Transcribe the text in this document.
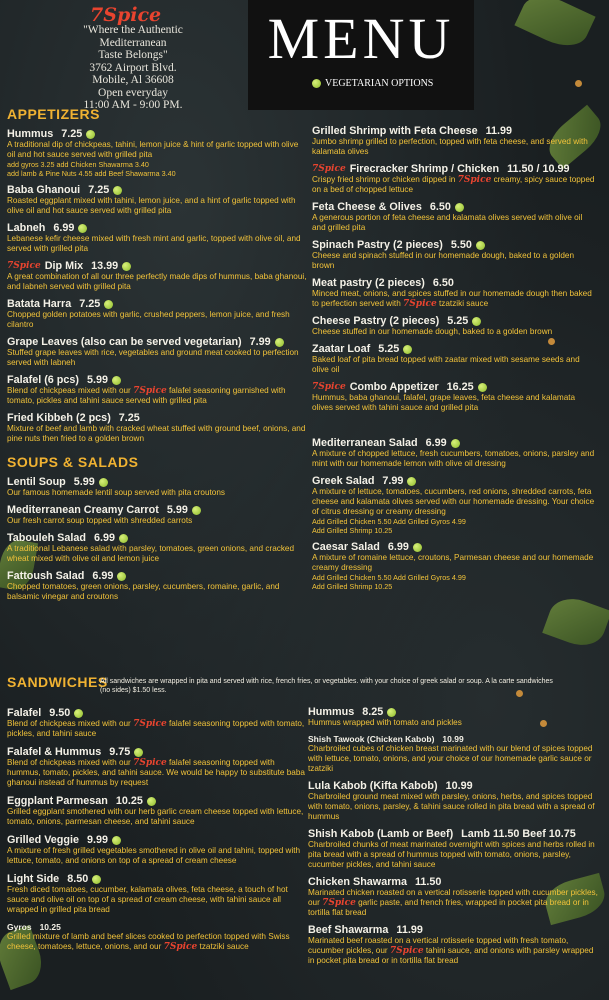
7Spice
"Where the Authentic
Mediterranean
Taste Belongs"
3762 Airport Blvd.
Mobile, Al 36608
Open everyday
11:00 AM - 9:00 PM.
MENU
VEGETARIAN OPTIONS
APPETIZERS
Hummus 7.25
A traditional dip of chickpeas, tahini, lemon juice & hint of garlic topped with olive oil and hot sauce served with grilled pita
add gyros 3.25 add Chicken Shawarma 3.40
add lamb & Pine Nuts 4.55 add Beef Shawarma 3.40
Baba Ghanoui 7.25
Roasted eggplant mixed with tahini, lemon juice, and a hint of garlic topped with olive oil and hot sauce served with grilled pita
Labneh 6.99
Lebanese kefir cheese mixed with fresh mint and garlic, topped with olive oil, and served with grilled pita
7Spice Dip Mix 13.99
A great combination of all our three perfectly made dips of hummus, baba ghanoui, and labneh served with grilled pita
Batata Harra 7.25
Chopped golden potatoes with garlic, crushed peppers, lemon juice, and fresh cilantro
Grape Leaves (also can be served vegetarian) 7.99
Stuffed grape leaves with rice, vegetables and ground meat cooked to perfection served with labneh
Falafel (6 pcs) 5.99
Blend of chickpeas mixed with our 7Spice falafel seasoning garnished with tomato, pickles and tahini sauce served with grilled pita
Fried Kibbeh (2 pcs) 7.25
Mixture of beef and lamb with cracked wheat stuffed with ground beef, onions, and pine nuts then fried to a golden brown
SOUPS & SALADS
Lentil Soup 5.99
Our famous homemade lentil soup served with pita croutons
Mediterranean Creamy Carrot 5.99
Our fresh carrot soup topped with shredded carrots
Tabouleh Salad 6.99
A traditional Lebanese salad with parsley, tomatoes, green onions, and cracked wheat mixed with olive oil and lemon juice
Fattoush Salad 6.99
Chopped tomatoes, green onions, parsley, cucumbers, romaine, garlic, and balsamic vinegar and croutons
SANDWICHES
All sandwiches are wrapped in pita and served with rice, french fries, or vegetables. with your choice of greek salad or soup. A la carte sandwiches (no sides) $1.50 less.
Falafel 9.50
Blend of chickpeas mixed with our 7Spice falafel seasoning topped with tomato, pickles, and tahini sauce
Falafel & Hummus 9.75
Blend of chickpeas mixed with our 7Spice falafel seasoning topped with hummus, tomato, pickles, and tahini sauce. We would be happy to substitute baba ghanoui instead of hummus by request
Eggplant Parmesan 10.25
Grilled eggplant smothered with our herb garlic cream cheese topped with lettuce, tomato, onions, parmesan cheese, and tahini sauce
Grilled Veggie 9.99
A mixture of fresh grilled vegetables smothered in olive oil and tahini, topped with lettuce, tomato, and onions on top of a spread of cream cheese
Light Side 8.50
Fresh diced tomatoes, cucumber, kalamata olives, feta cheese, a touch of hot sauce and olive oil on top of a spread of cream cheese, with tahini sauce all wrapped in grilled pita bread
Gyros 10.25
Grilled mixture of lamb and beef slices cooked to perfection topped with Swiss cheese, tomatoes, lettuce, onions, and our 7Spice tzatziki sauce
Grilled Shrimp with Feta Cheese 11.99
Jumbo shrimp grilled to perfection, topped with feta cheese, and served with kalamata olives
7Spice Firecracker Shrimp / Chicken 11.50 / 10.99
Crispy fried shrimp or chicken dipped in 7Spice creamy, spicy sauce topped on a bed of chopped lettuce
Feta Cheese & Olives 6.50
A generous portion of feta cheese and kalamata olives served with olive oil and grilled pita
Spinach Pastry (2 pieces) 5.50
Cheese and spinach stuffed in our homemade dough, baked to a golden brown
Meat pastry (2 pieces) 6.50
Minced meat, onions, and spices stuffed in our homemade dough then baked to perfection served with 7Spice tzatziki sauce
Cheese Pastry (2 pieces) 5.25
Cheese stuffed in our homemade dough, baked to a golden brown
Zaatar Loaf 5.25
Baked loaf of pita bread topped with zaatar mixed with sesame seeds and olive oil
7Spice Combo Appetizer 16.25
Hummus, baba ghanoui, falafel, grape leaves, feta cheese and kalamata olives served with tahini sauce and grilled pita
Mediterranean Salad 6.99
A mixture of chopped lettuce, fresh cucumbers, tomatoes, onions, parsley and mint with our homemade lemon with olive oil dressing
Greek Salad 7.99
A mixture of lettuce, tomatoes, cucumbers, red onions, shredded carrots, feta cheese and kalamata olives served with our homemade dressing. Your choice of citrus dressing or creamy dressing
Add Grilled Chicken 5.50 Add Grilled Gyros 4.99
Add Grilled Shrimp 10.25
Caesar Salad 6.99
A mixture of romaine lettuce, croutons, Parmesan cheese and our homemade creamy dressing
Add Grilled Chicken 5.50 Add Grilled Gyros 4.99
Add Grilled Shrimp 10.25
Hummus 8.25
Hummus wrapped with tomato and pickles
Shish Tawook (Chicken Kabob) 10.99
Charbroiled cubes of chicken breast marinated with our blend of spices topped with lettuce, tomato, onions, and your choice of our homemade garlic sauce or tzatziki
Lula Kabob (Kifta Kabob) 10.99
Charbroiled ground meat mixed with parsley, onions, herbs, and spices topped with tomato, onions, parsley, & tahini sauce rolled in pita bread with a spread of hummus
Shish Kabob (Lamb or Beef) Lamb 11.50 Beef 10.75
Charbroiled chunks of meat marinated overnight with spices and herbs rolled in pita bread with a spread of hummus topped with tomato, onions, parsley, cucumber pickles, and tahini sauce
Chicken Shawarma 11.50
Marinated chicken roasted on a vertical rotisserie topped with cucumber pickles, our 7Spice garlic paste, and french fries, wrapped in pocket pita bread or in tortilla flat bread
Beef Shawarma 11.99
Marinated beef roasted on a vertical rotisserie topped with fresh tomato, cucumber pickles, our 7Spice tahini sauce, and onions with parsley wrapped in pocket pita bread or in tortilla flat bread
